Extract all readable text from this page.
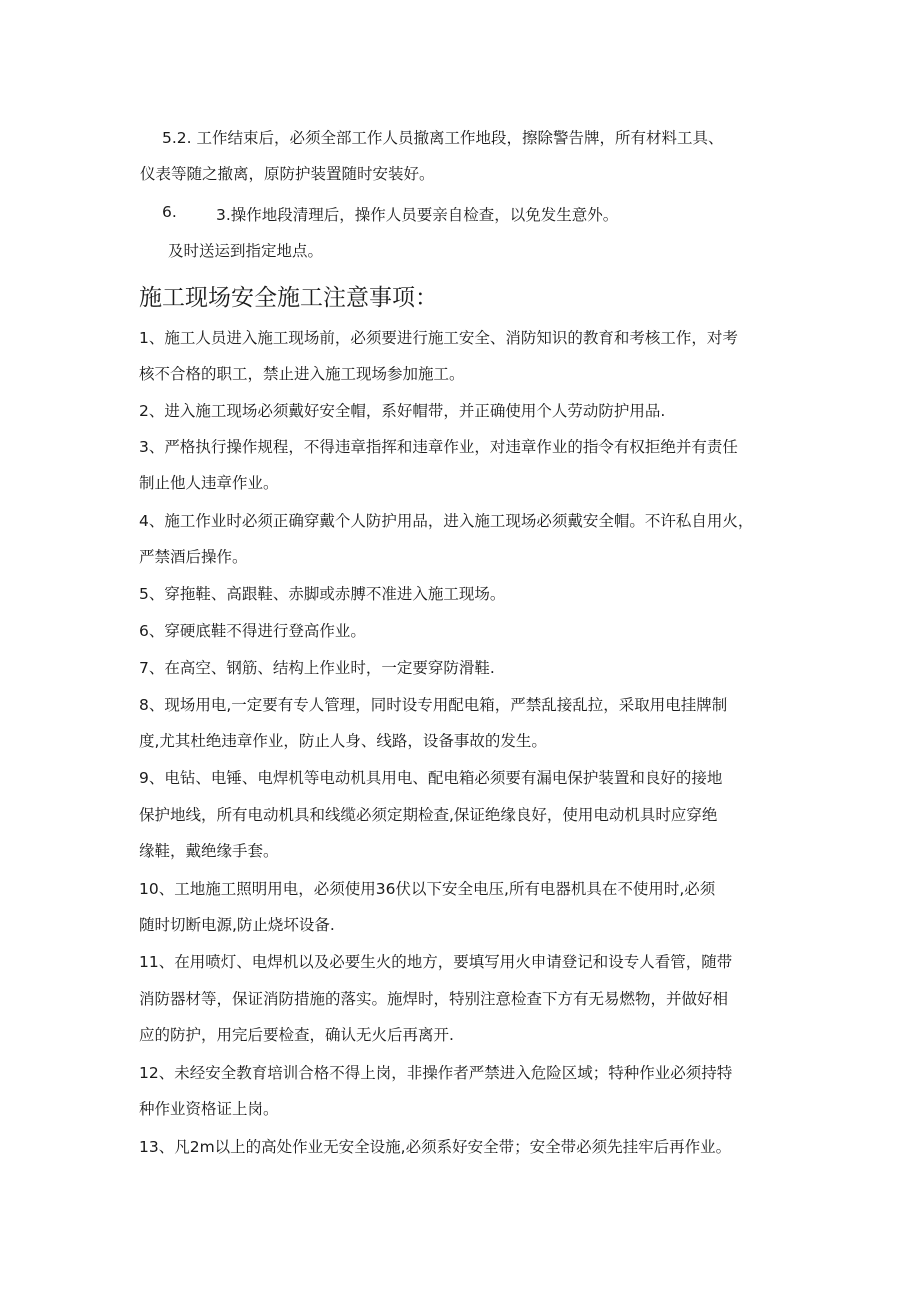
5.2. 工作结束后，必须全部工作人员撤离工作地段，擦除警告牌，所有材料工具、
仪表等随之撤离，原防护装置随时安装好。
6.	3.操作地段清理后，操作人员要亲自检查，以免发生意外。
及时送运到指定地点。
施工现场安全施工注意事项：
1、施工人员进入施工现场前，必须要进行施工安全、消防知识的教育和考核工作，对考
核不合格的职工，禁止进入施工现场参加施工。
2、进入施工现场必须戴好安全帽，系好帽带，并正确使用个人劳动防护用品.
3、严格执行操作规程，不得违章指挥和违章作业，对违章作业的指令有权拒绝并有责任
制止他人违章作业。
4、施工作业时必须正确穿戴个人防护用品，进入施工现场必须戴安全帽。不许私自用火，
严禁酒后操作。
5、穿拖鞋、高跟鞋、赤脚或赤膊不准进入施工现场。
6、穿硬底鞋不得进行登高作业。
7、在高空、钢筋、结构上作业时，一定要穿防滑鞋.
8、现场用电,一定要有专人管理，同时设专用配电箱，严禁乱接乱拉，采取用电挂牌制
度,尤其杜绝违章作业，防止人身、线路，设备事故的发生。
9、电钻、电锤、电焊机等电动机具用电、配电箱必须要有漏电保护装置和良好的接地
保护地线，所有电动机具和线缆必须定期检查,保证绝缘良好，使用电动机具时应穿绝
缘鞋，戴绝缘手套。
10、工地施工照明用电，必须使用36伏以下安全电压,所有电器机具在不使用时,必须
随时切断电源,防止烧坏设备.
11、在用喷灯、电焊机以及必要生火的地方，要填写用火申请登记和设专人看管，随带
消防器材等，保证消防措施的落实。施焊时，特别注意检查下方有无易燃物，并做好相
应的防护，用完后要检查，确认无火后再离开.
12、未经安全教育培训合格不得上岗，非操作者严禁进入危险区域；特种作业必须持特
种作业资格证上岗。
13、凡2m以上的高处作业无安全设施,必须系好安全带；安全带必须先挂牢后再作业。
